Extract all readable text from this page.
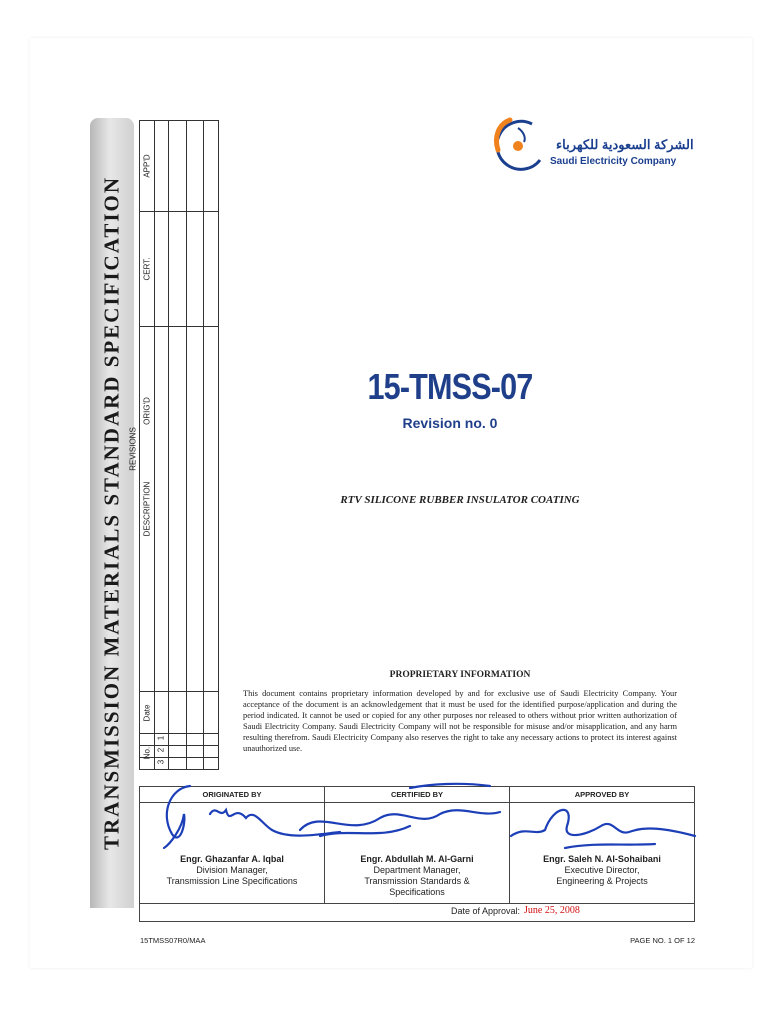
TRANSMISSION MATERIALS STANDARD SPECIFICATION
APP'D
CERT.
ORIG'D
DESCRIPTION
REVISIONS
Date
No.
1
2
3
الشركة السعودية للكهرباء
Saudi Electricity Company
15-TMSS-07
Revision no. 0
RTV SILICONE RUBBER INSULATOR COATING
PROPRIETARY INFORMATION
This document contains proprietary information developed by and for exclusive use of Saudi Electricity Company. Your acceptance of the document is an acknowledgement that it must be used for the identified purpose/application and during the period indicated. It cannot be used or copied for any other purposes nor released to others without prior written authorization of Saudi Electricity Company. Saudi Electricity Company will not be responsible for misuse and/or misapplication, and any harm resulting therefrom. Saudi Electricity Company also reserves the right to take any necessary actions to protect its interest against unauthorized use.
ORIGINATED BY
Engr. Ghazanfar A. Iqbal
Division Manager,
Transmission Line Specifications
CERTIFIED BY
Engr. Abdullah M. Al-Garni
Department Manager,
Transmission Standards &
Specifications
APPROVED BY
Engr. Saleh N. Al-Sohaibani
Executive Director,
Engineering & Projects
Date of Approval: June 25, 2008
15TMSS07R0/MAA	PAGE NO. 1 OF 12
